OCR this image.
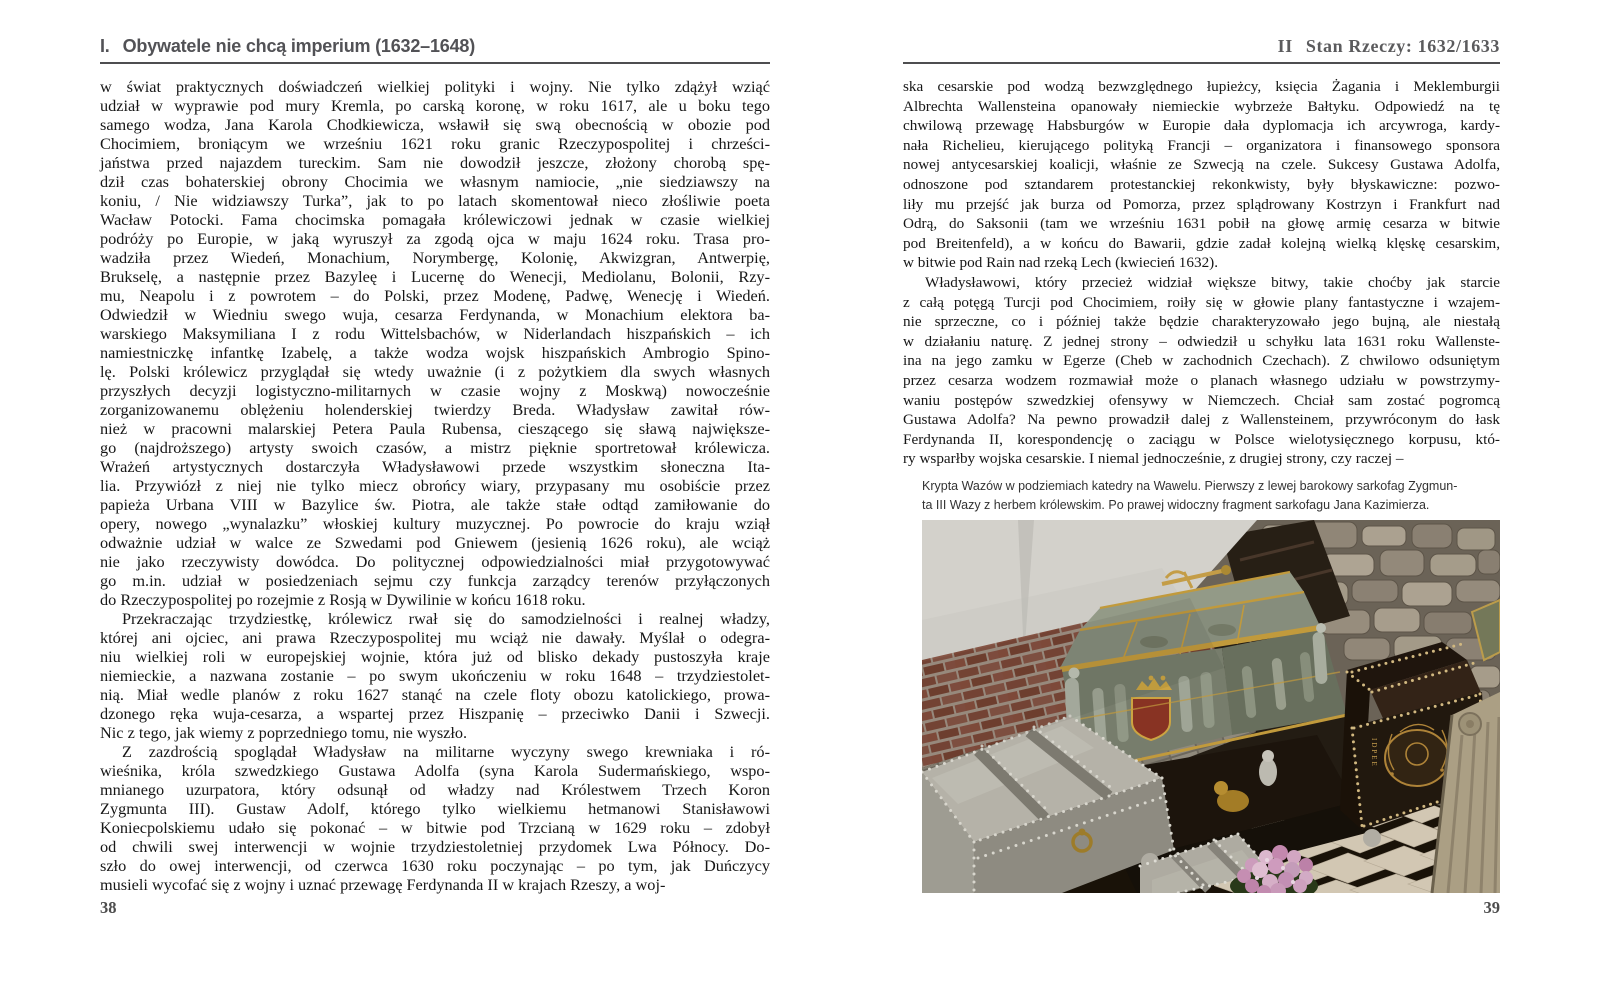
I. Obywatele nie chcą imperium (1632–1648)
w świat praktycznych doświadczeń wielkiej polityki i wojny. Nie tylko zdążył wziąć
udział w wyprawie pod mury Kremla, po carską koronę, w roku 1617, ale u boku tego
samego wodza, Jana Karola Chodkiewicza, wsławił się swą obecnością w obozie pod
Chocimiem, broniącym we wrześniu 1621 roku granic Rzeczypospolitej i chrześci-
jaństwa przed najazdem tureckim. Sam nie dowodził jeszcze, złożony chorobą spę-
dził czas bohaterskiej obrony Chocimia we własnym namiocie, „nie siedziawszy na
koniu, / Nie widziawszy Turka”, jak to po latach skomentował nieco złośliwie poeta
Wacław Potocki. Fama chocimska pomagała królewiczowi jednak w czasie wielkiej
podróży po Europie, w jaką wyruszył za zgodą ojca w maju 1624 roku. Trasa pro-
wadziła przez Wiedeń, Monachium, Norymbergę, Kolonię, Akwizgran, Antwerpię,
Brukselę, a następnie przez Bazyleę i Lucernę do Wenecji, Mediolanu, Bolonii, Rzy-
mu, Neapolu i z powrotem – do Polski, przez Modenę, Padwę, Wenecję i Wiedeń.
Odwiedził w Wiedniu swego wuja, cesarza Ferdynanda, w Monachium elektora ba-
warskiego Maksymiliana I z rodu Wittelsbachów, w Niderlandach hiszpańskich – ich
namiestniczkę infantkę Izabelę, a także wodza wojsk hiszpańskich Ambrogio Spino-
lę. Polski królewicz przyglądał się wtedy uważnie (i z pożytkiem dla swych własnych
przyszłych decyzji logistyczno-militarnych w czasie wojny z Moskwą) nowocześnie
zorganizowanemu oblężeniu holenderskiej twierdzy Breda. Władysław zawitał rów-
nież w pracowni malarskiej Petera Paula Rubensa, cieszącego się sławą największe-
go (najdroższego) artysty swoich czasów, a mistrz pięknie sportretował królewicza.
Wrażeń artystycznych dostarczyła Władysławowi przede wszystkim słoneczna Ita-
lia. Przywiózł z niej nie tylko miecz obrońcy wiary, przypasany mu osobiście przez
papieża Urbana VIII w Bazylice św. Piotra, ale także stałe odtąd zamiłowanie do
opery, nowego „wynalazku” włoskiej kultury muzycznej. Po powrocie do kraju wziął
odważnie udział w walce ze Szwedami pod Gniewem (jesienią 1626 roku), ale wciąż
nie jako rzeczywisty dowódca. Do politycznej odpowiedzialności miał przygotowywać
go m.in. udział w posiedzeniach sejmu czy funkcja zarządcy terenów przyłączonych
do Rzeczypospolitej po rozejmie z Rosją w Dywilinie w końcu 1618 roku.
Przekraczając trzydziestkę, królewicz rwał się do samodzielności i realnej władzy,
której ani ojciec, ani prawa Rzeczypospolitej mu wciąż nie dawały. Myślał o odegra-
niu wielkiej roli w europejskiej wojnie, która już od blisko dekady pustoszyła kraje
niemieckie, a nazwana zostanie – po swym ukończeniu w roku 1648 – trzydziestolet-
nią. Miał wedle planów z roku 1627 stanąć na czele floty obozu katolickiego, prowa-
dzonego ręka wuja-cesarza, a wspartej przez Hiszpanię – przeciwko Danii i Szwecji.
Nic z tego, jak wiemy z poprzedniego tomu, nie wyszło.
Z zazdrością spoglądał Władysław na militarne wyczyny swego krewniaka i ró-
wieśnika, króla szwedzkiego Gustawa Adolfa (syna Karola Sudermańskiego, wspo-
mnianego uzurpatora, który odsunął od władzy nad Królestwem Trzech Koron
Zygmunta III). Gustaw Adolf, którego tylko wielkiemu hetmanowi Stanisławowi
Koniecpolskiemu udało się pokonać – w bitwie pod Trzcianą w 1629 roku – zdobył
od chwili swej interwencji w wojnie trzydziestoletniej przydomek Lwa Północy. Do-
szło do owej interwencji, od czerwca 1630 roku poczynając – po tym, jak Duńczycy
musieli wycofać się z wojny i uznać przewagę Ferdynanda II w krajach Rzeszy, a woj-
38
II Stan Rzeczy: 1632/1633
ska cesarskie pod wodzą bezwzględnego łupieżcy, księcia Żagania i Meklemburgii
Albrechta Wallensteina opanowały niemieckie wybrzeże Bałtyku. Odpowiedź na tę
chwilową przewagę Habsburgów w Europie dała dyplomacja ich arcywroga, kardy-
nała Richelieu, kierującego polityką Francji – organizatora i finansowego sponsora
nowej antycesarskiej koalicji, właśnie ze Szwecją na czele. Sukcesy Gustawa Adolfa,
odnoszone pod sztandarem protestanckiej rekonkwisty, były błyskawiczne: pozwo-
liły mu przejść jak burza od Pomorza, przez splądrowany Kostrzyn i Frankfurt nad
Odrą, do Saksonii (tam we wrześniu 1631 pobił na głowę armię cesarza w bitwie
pod Breitenfeld), a w końcu do Bawarii, gdzie zadał kolejną wielką klęskę cesarskim,
w bitwie pod Rain nad rzeką Lech (kwiecień 1632).
Władysławowi, który przecież widział większe bitwy, takie choćby jak starcie
z całą potęgą Turcji pod Chocimiem, roiły się w głowie plany fantastyczne i wzajem-
nie sprzeczne, co i później także będzie charakteryzowało jego bujną, ale niestałą
w działaniu naturę. Z jednej strony – odwiedził u schyłku lata 1631 roku Wallenste-
ina na jego zamku w Egerze (Cheb w zachodnich Czechach). Z chwilowo odsuniętym
przez cesarza wodzem rozmawiał może o planach własnego udziału w powstrzymy-
waniu postępów szwedzkiej ofensywy w Niemczech. Chciał sam zostać pogromcą
Gustawa Adolfa? Na pewno prowadził dalej z Wallensteinem, przywróconym do łask
Ferdynanda II, korespondencję o zaciągu w Polsce wielotysięcznego korpusu, któ-
ry wsparłby wojska cesarskie. I niemal jednocześnie, z drugiej strony, czy raczej –
Krypta Wazów w podziemiach katedry na Wawelu. Pierwszy z lewej barokowy sarkofag Zygmun-
ta III Wazy z herbem królewskim. Po prawej widoczny fragment sarkofagu Jana Kazimierza.
39
